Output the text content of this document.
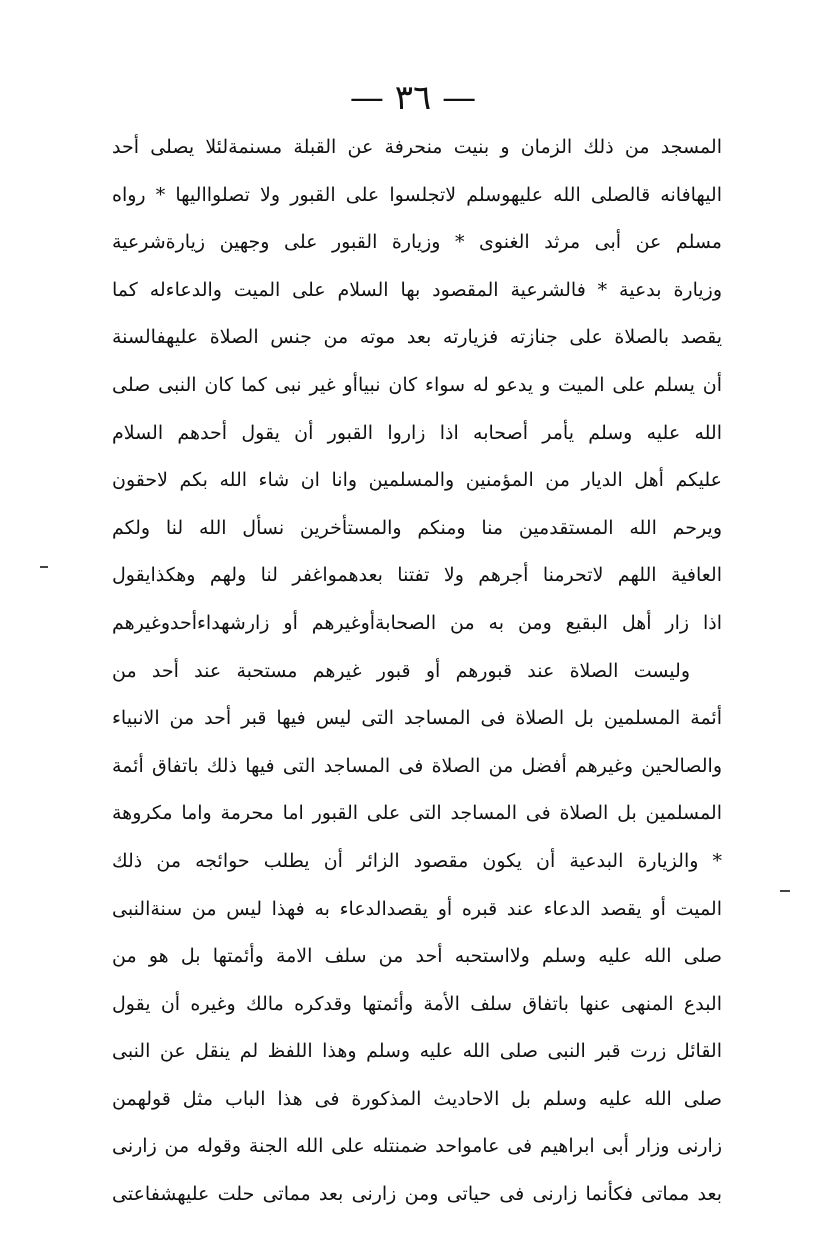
— ٣٦ —
المسجد من ذلك الزمان و بنيت منحرفة عن القبلة مسنمةلئلا يصلى أحد
اليهافانه قالصلى الله عليهوسلم لاتجلسوا على القبور ولا تصلوااليها * رواه
مسلم عن أبى مرثد الغنوى * وزيارة القبور على وجهين زيارةشرعية
وزيارة بدعية * فالشرعية المقصود بها السلام على الميت والدعاءله كما
يقصد بالصلاة على جنازته فزيارته بعد موته من جنس الصلاة عليهفالسنة
أن يسلم على الميت و يدعو له سواء كان نبياأو غير نبى كما كان النبى صلى
الله عليه وسلم يأمر أصحابه اذا زاروا القبور أن يقول أحدهم السلام
عليكم أهل الديار من المؤمنين والمسلمين وانا ان شاء الله بكم لاحقون
ويرحم الله المستقدمين منا ومنكم والمستأخرين نسأل الله لنا ولكم
العافية اللهم لاتحرمنا أجرهم ولا تفتنا بعدهمواغفر لنا ولهم وهكذايقول
اذا زار أهل البقيع ومن به من الصحابةأوغيرهم أو زارشهداءأحدوغيرهم
وليست الصلاة عند قبورهم أو قبور غيرهم مستحبة عند أحد من
أئمة المسلمين بل الصلاة فى المساجد التى ليس فيها قبر أحد من الانبياء
والصالحين وغيرهم أفضل من الصلاة فى المساجد التى فيها ذلك باتفاق أئمة
المسلمين بل الصلاة فى المساجد التى على القبور اما محرمة واما مكروهة
* والزيارة البدعية أن يكون مقصود الزائر أن يطلب حوائجه من ذلك
الميت أو يقصد الدعاء عند قبره أو يقصدالدعاء به فهذا ليس من سنةالنبى
صلى الله عليه وسلم ولااستحبه أحد من سلف الامة وأئمتها بل هو من
البدع المنهى عنها باتفاق سلف الأمة وأئمتها وقدكره مالك وغيره أن يقول
القائل زرت قبر النبى صلى الله عليه وسلم وهذا اللفظ لم ينقل عن النبى
صلى الله عليه وسلم بل الاحاديث المذكورة فى هذا الباب مثل قولهمن
زارنى وزار أبى ابراهيم فى عامواحد ضمنتله على الله الجنة وقوله من زارنى
بعد مماتى فكأنما زارنى فى حياتى ومن زارنى بعد مماتى حلت عليهشفاعتى
